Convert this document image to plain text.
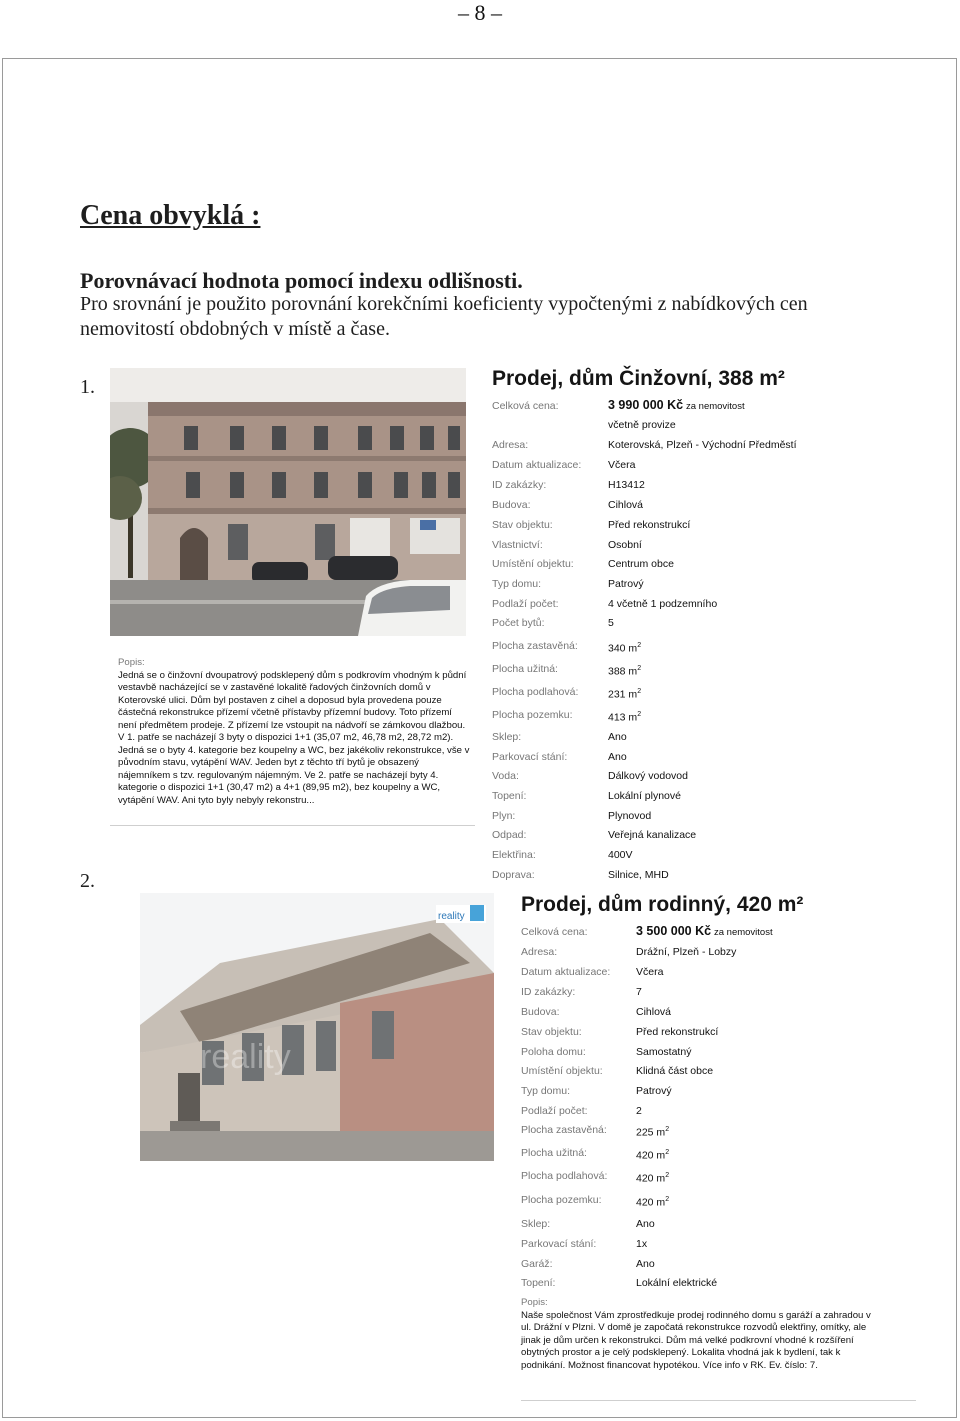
– 8 –
Cena obvyklá :
Porovnávací hodnota pomocí indexu odlišnosti.
Pro srovnání je použito porovnání korekčními koeficienty vypočtenými z nabídkových cen nemovitostí obdobných v místě a čase.
1.	Prodej, dům Činžovní, 388 m²
Celková cena:	3 990 000 Kč za nemovitost
včetně provize
Adresa:	Koterovská, Plzeň - Východní Předměstí
Datum aktualizace:	Včera
ID zakázky:	H13412
Budova:	Cihlová
Stav objektu:	Před rekonstrukcí
Vlastnictví:	Osobní
Umístění objektu:	Centrum obce
Typ domu:	Patrový
Podlaží počet:	4 včetně 1 podzemního
Počet bytů:	5
Plocha zastavěná:	340 $m^2$
Plocha užitná:	388 $m^2$
Plocha podlahová:	231 $m^2$
Plocha pozemku:	413 $m^2$
Sklep:	Ano
Parkovací stání:	Ano
Voda:	Dálkový vodovod
Topení:	Lokální plynové
Plyn:	Plynovod
Odpad:	Veřejná kanalizace
Elektřina:	400V
Doprava:	Silnice, MHD
Popis:
Jedná se o činžovní dvoupatrový podsklepený dům s podkrovím vhodným k půdní vestavbě nacházející se v zastavěné lokalitě řadových činžovních domů v Koterovské ulici. Dům byl postaven z cihel a doposud byla provedena pouze částečná rekonstrukce přízemí včetně přístavby přízemní budovy. Toto přízemí není předmětem prodeje. Z přízemí lze vstoupit na nádvoří se zámkovou dlažbou. V 1. patře se nacházejí 3 byty o dispozici 1+1 (35,07 m2, 46,78 m2, 28,72 m2). Jedná se o byty 4. kategorie bez koupelny a WC, bez jakékoliv rekonstrukce, vše v původním stavu, vytápění WAV. Jeden byt z těchto tří bytů je obsazený nájemníkem s tzv. regulovaným nájemným. Ve 2. patře se nacházejí byty 4. kategorie o dispozici 1+1 (30,47 m2) a 4+1 (89,95 m2), bez koupelny a WC, vytápění WAV. Ani tyto byly nebyly rekonstru...
2.
reality
reality
Prodej, dům rodinný, 420 m²
Celková cena:	3 500 000 Kč za nemovitost
Adresa:	Drážní, Plzeň - Lobzy
Datum aktualizace: Včera
ID zakázky:	7
Budova:	Cihlová
Stav objektu:	Před rekonstrukcí
Poloha domu:	Samostatný
Umístění objektu:	Klidná část obce
Typ domu:	Patrový
Podlaží počet:	2
Plocha zastavěná:	225 $m^2$
Plocha užitná:	420 $m^2$
Plocha podlahová:	420 $m^2$
Plocha pozemku:	420 $m^2$
Sklep:	Ano
Parkovací stání:	1x
Garáž:	Ano
Topení:	Lokální elektrické
Popis:
Naše společnost Vám zprostředkuje prodej rodinného domu s garáží a zahradou v ul. Drážní v Plzni. V domě je započatá rekonstrukce rozvodů elektřiny, omítky, ale jinak je dům určen k rekonstrukci. Dům má velké podkrovní vhodné k rozšíření obytných prostor a je celý podsklepený. Lokalita vhodná jak k bydlení, tak k podnikání. Možnost financovat hypotékou. Více info v RK. Ev. číslo: 7.
